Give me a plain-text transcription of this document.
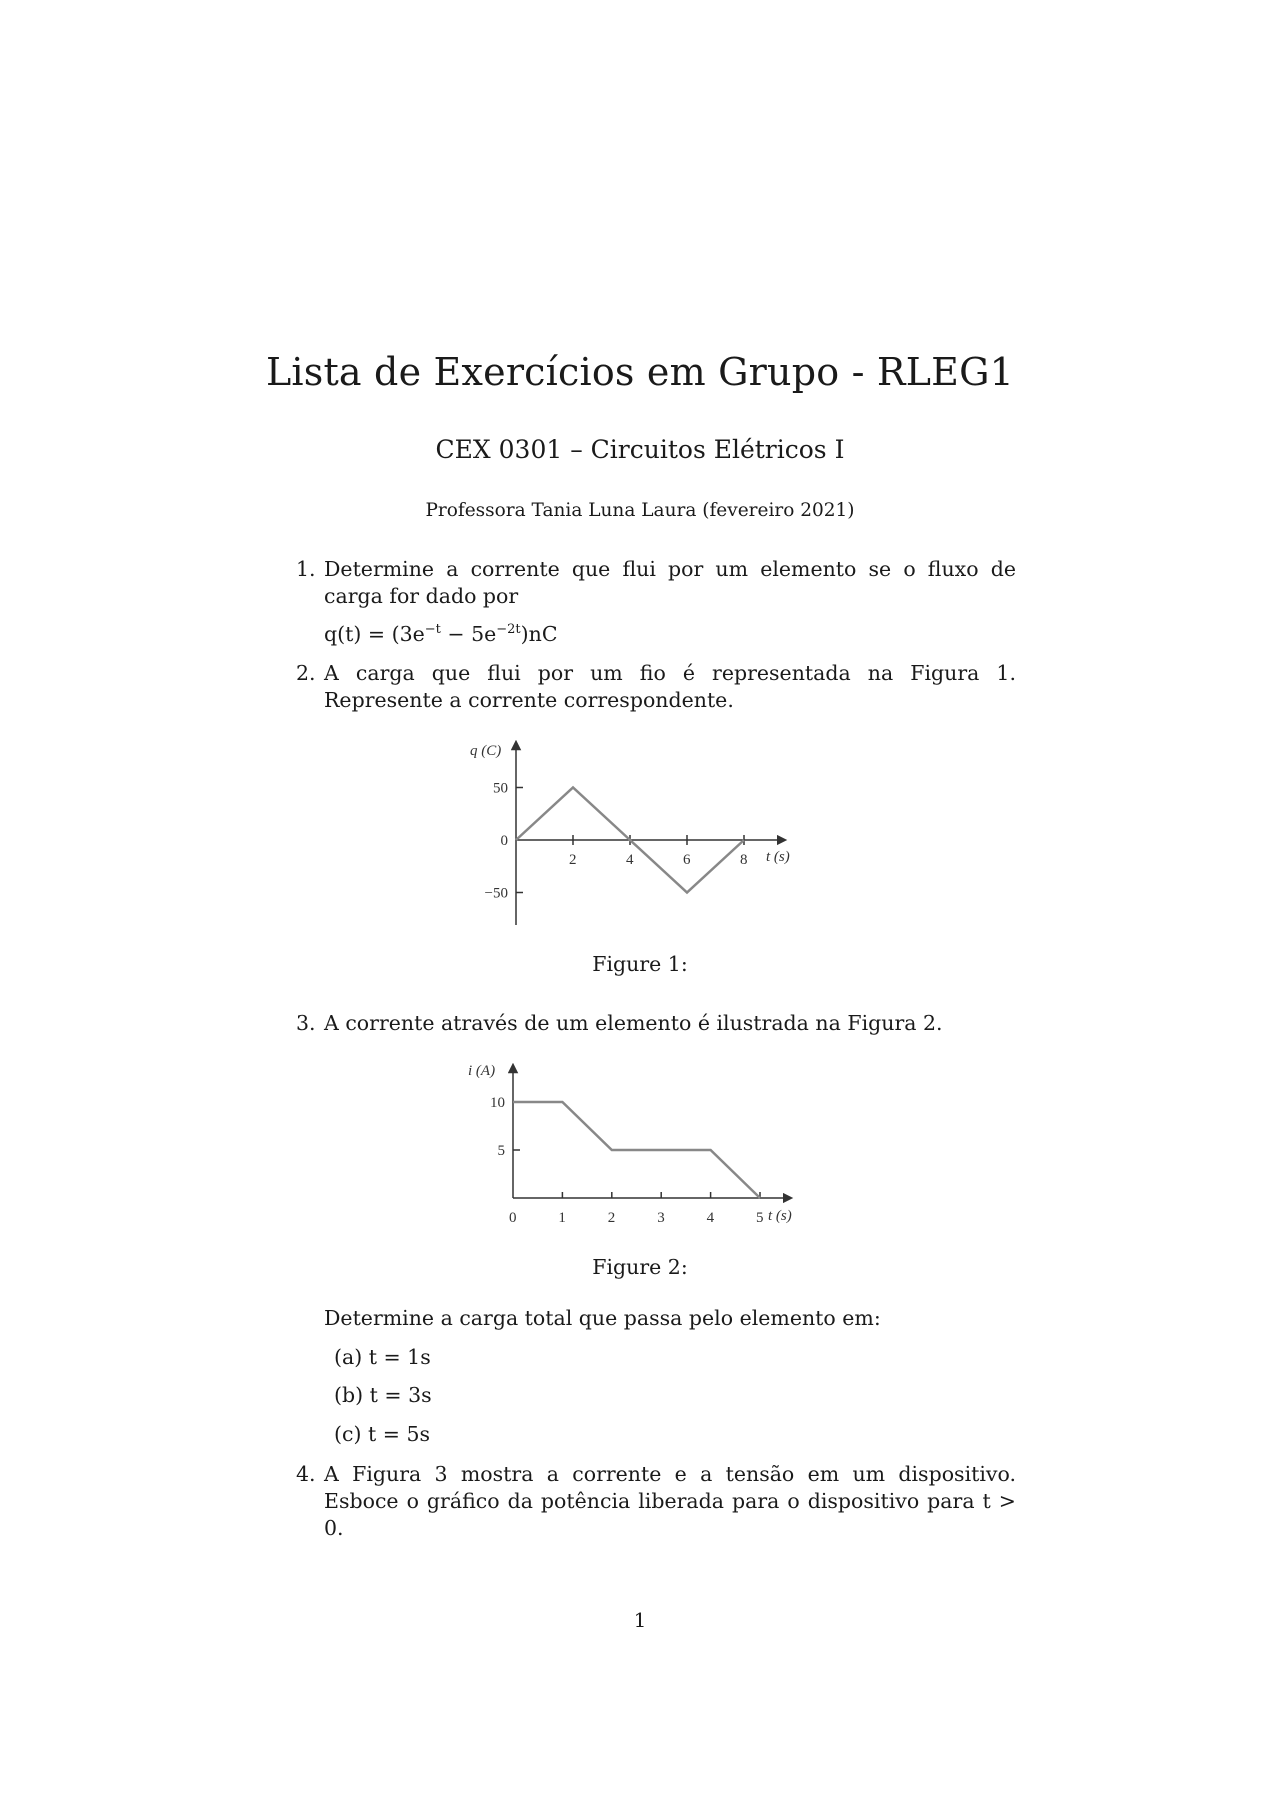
Lista de Exercícios em Grupo - RLEG1
CEX 0301 – Circuitos Elétricos I
Professora Tania Luna Laura (fevereiro 2021)
1. Determine a corrente que flui por um elemento se o fluxo de carga for dado por
$q(t) = (3e^{-t} - 5e^{-2t})nC$
2. A carga que flui por um fio é representada na Figura 1. Represente a corrente correspondente.
2	4	6	8
50
0
−50
q (C)
t (s)
Figure 1:
3. A corrente através de um elemento é ilustrada na Figura 2.
0	1	2	3	4	5
10
5
i (A)
t (s)
Figure 2:
Determine a carga total que passa pelo elemento em:
(a) t = 1s
(b) t = 3s
(c) t = 5s
4. A Figura 3 mostra a corrente e a tensão em um dispositivo. Esboce o gráfico da potência liberada para o dispositivo para t > 0.
1
